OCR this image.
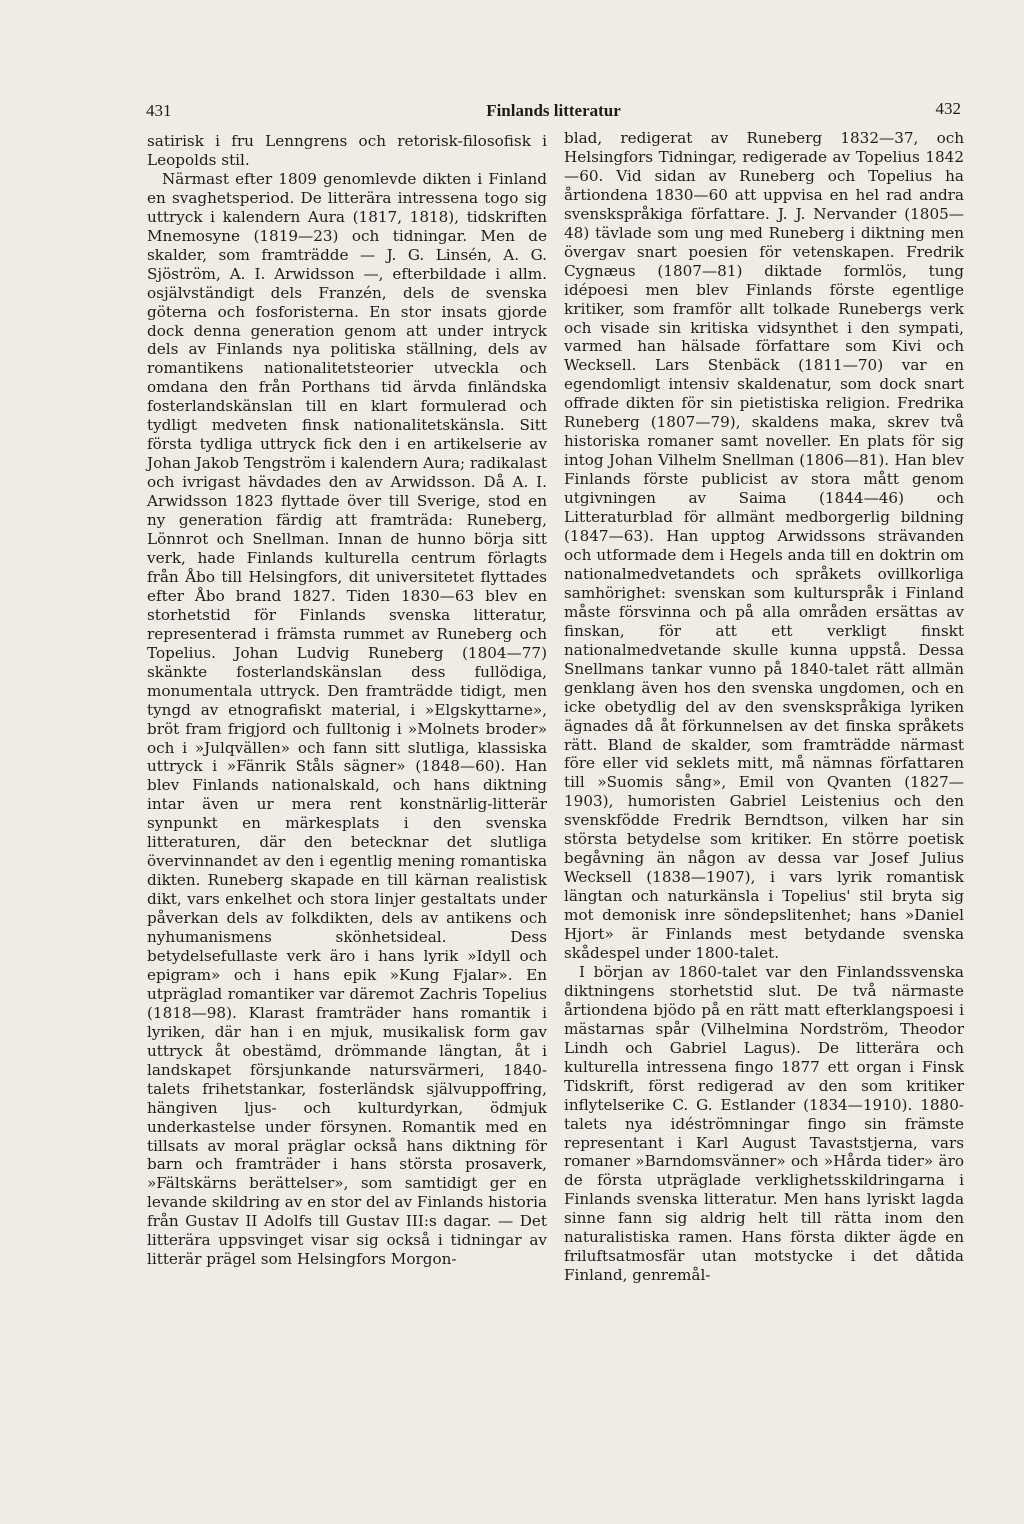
431	Finlands litteratur	432

satirisk i fru Lenngrens och retorisk-filosofisk i Leopolds stil.

Närmast efter 1809 genomlevde dikten i Finland en svaghetsperiod. De litterära intressena togo sig uttryck i kalendern Aura (1817, 1818), tidskriften Mnemosyne (1819—23) och tidningar. Men de skalder, som framträdde — J. G. Linsén, A. G. Sjöström, A. I. Arwidsson —, efterbildade i allm. osjälvständigt dels Franzén, dels de svenska göterna och fosforisterna. En stor insats gjorde dock denna generation genom att under intryck dels av Finlands nya politiska ställning, dels av romantikens nationalitetsteorier utveckla och omdana den från Porthans tid ärvda finländska fosterlandskänslan till en klart formulerad och tydligt medveten finsk nationalitetskänsla. Sitt första tydliga uttryck fick den i en artikelserie av Johan Jakob Tengström i kalendern Aura; radikalast och ivrigast hävdades den av Arwidsson. Då A. I. Arwidsson 1823 flyttade över till Sverige, stod en ny generation färdig att framträda: Runeberg, Lönnrot och Snellman. Innan de hunno börja sitt verk, hade Finlands kulturella centrum förlagts från Åbo till Helsingfors, dit universitetet flyttades efter Åbo brand 1827. Tiden 1830—63 blev en storhetstid för Finlands svenska litteratur, representerad i främsta rummet av Runeberg och Topelius. Johan Ludvig Runeberg (1804—77) skänkte fosterlandskänslan dess fullödiga, monumentala uttryck. Den framträdde tidigt, men tyngd av etnografiskt material, i »Elgskyttarne», bröt fram frigjord och fulltonig i »Molnets broder» och i »Julqvällen» och fann sitt slutliga, klassiska uttryck i »Fänrik Ståls sägner» (1848—60). Han blev Finlands nationalskald, och hans diktning intar även ur mera rent konstnärlig-litterär synpunkt en märkesplats i den svenska litteraturen, där den betecknar det slutliga övervinnandet av den i egentlig mening romantiska dikten. Runeberg skapade en till kärnan realistisk dikt, vars enkelhet och stora linjer gestaltats under påverkan dels av folkdikten, dels av antikens och nyhumanismens skönhetsideal. Dess betydelsefullaste verk äro i hans lyrik »Idyll och epigram» och i hans epik »Kung Fjalar». En utpräglad romantiker var däremot Zachris Topelius (1818—98). Klarast framträder hans romantik i lyriken, där han i en mjuk, musikalisk form gav uttryck åt obestämd, drömmande längtan, åt i landskapet försjunkande natursvärmeri, 1840-talets frihetstankar, fosterländsk självuppoffring, hängiven ljus- och kulturdyrkan, ödmjuk underkastelse under försynen. Romantik med en tillsats av moral präglar också hans diktning för barn och framträder i hans största prosaverk, »Fältskärns berättelser», som samtidigt ger en levande skildring av en stor del av Finlands historia från Gustav II Adolfs till Gustav III:s dagar. — Det litterära uppsvinget visar sig också i tidningar av litterär prägel som Helsingfors Morgon-

blad, redigerat av Runeberg 1832—37, och Helsingfors Tidningar, redigerade av Topelius 1842—60. Vid sidan av Runeberg och Topelius ha årtiondena 1830—60 att uppvisa en hel rad andra svenskspråkiga författare. J. J. Nervander (1805—48) tävlade som ung med Runeberg i diktning men övergav snart poesien för vetenskapen. Fredrik Cygnæus (1807—81) diktade formlös, tung idépoesi men blev Finlands förste egentlige kritiker, som framför allt tolkade Runebergs verk och visade sin kritiska vidsynthet i den sympati, varmed han hälsade författare som Kivi och Wecksell. Lars Stenbäck (1811—70) var en egendomligt intensiv skaldenatur, som dock snart offrade dikten för sin pietistiska religion. Fredrika Runeberg (1807—79), skaldens maka, skrev två historiska romaner samt noveller. En plats för sig intog Johan Vilhelm Snellman (1806—81). Han blev Finlands förste publicist av stora mått genom utgivningen av Saima (1844—46) och Litteraturblad för allmänt medborgerlig bildning (1847—63). Han upptog Arwidssons strävanden och utformade dem i Hegels anda till en doktrin om nationalmedvetandets och språkets ovillkorliga samhörighet: svenskan som kulturspråk i Finland måste försvinna och på alla områden ersättas av finskan, för att ett verkligt finskt nationalmedvetande skulle kunna uppstå. Dessa Snellmans tankar vunno på 1840-talet rätt allmän genklang även hos den svenska ungdomen, och en icke obetydlig del av den svenskspråkiga lyriken ägnades då åt förkunnelsen av det finska språkets rätt. Bland de skalder, som framträdde närmast före eller vid seklets mitt, må nämnas författaren till »Suomis sång», Emil von Qvanten (1827—1903), humoristen Gabriel Leistenius och den svenskfödde Fredrik Berndtson, vilken har sin största betydelse som kritiker. En större poetisk begåvning än någon av dessa var Josef Julius Wecksell (1838—1907), i vars lyrik romantisk längtan och naturkänsla i Topelius' stil bryta sig mot demonisk inre söndерslitenhet; hans »Daniel Hjort» är Finlands mest betydande svenska skådespel under 1800-talet.

I början av 1860-talet var den Finlandssvenska diktningens storhetstid slut. De två närmaste årtiondena bjödo på en rätt matt efterklangspoesi i mästarnas spår (Vilhelmina Nordström, Theodor Lindh och Gabriel Lagus). De litterära och kulturella intressena fingo 1877 ett organ i Finsk Tidskrift, först redigerad av den som kritiker inflytelserike C. G. Estlander (1834—1910). 1880-talets nya idéströmningar fingo sin främste representant i Karl August Tavaststjerna, vars romaner »Barndomsvänner» och »Hårda tider» äro de första utpräglade verklighetsskildringarna i Finlands svenska litteratur. Men hans lyriskt lagda sinne fann sig aldrig helt till rätta inom den naturalistiska ramen. Hans första dikter ägde en friluftsatmosfär utan motstycke i det dåtida Finland, genremål-
